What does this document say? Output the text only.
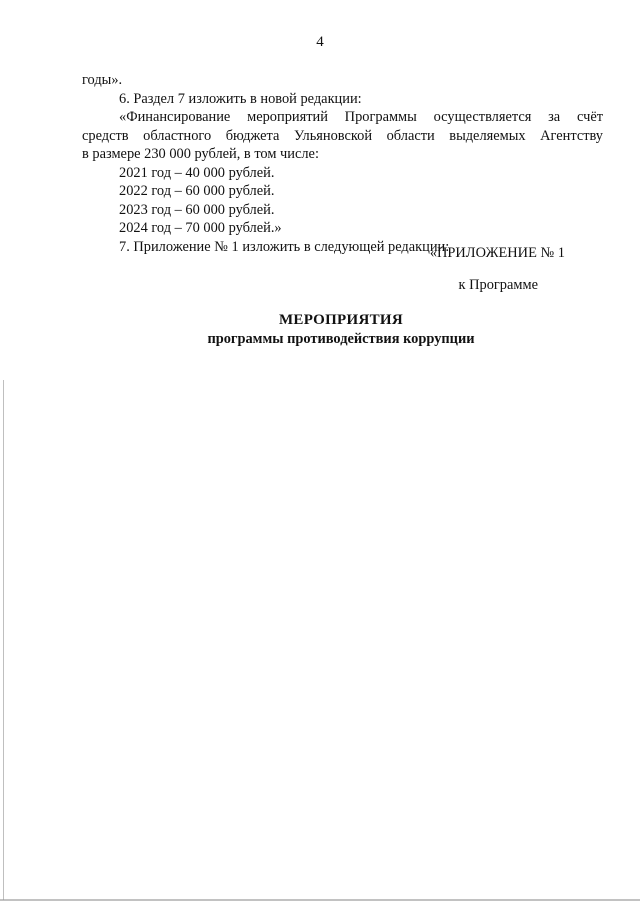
4

годы».

6. Раздел 7 изложить в новой редакции:

«Финансирование мероприятий Программы осуществляется за счёт

средств областного бюджета Ульяновской области выделяемых Агентству

в размере 230 000 рублей, в том числе:

2021 год – 40 000 рублей.

2022 год – 60 000 рублей.

2023 год – 60 000 рублей.

2024 год – 70 000 рублей.»

7. Приложение № 1 изложить в следующей редакции:

«ПРИЛОЖЕНИЕ № 1
к Программе
МЕРОПРИЯТИЯ
программы противодействия коррупции
